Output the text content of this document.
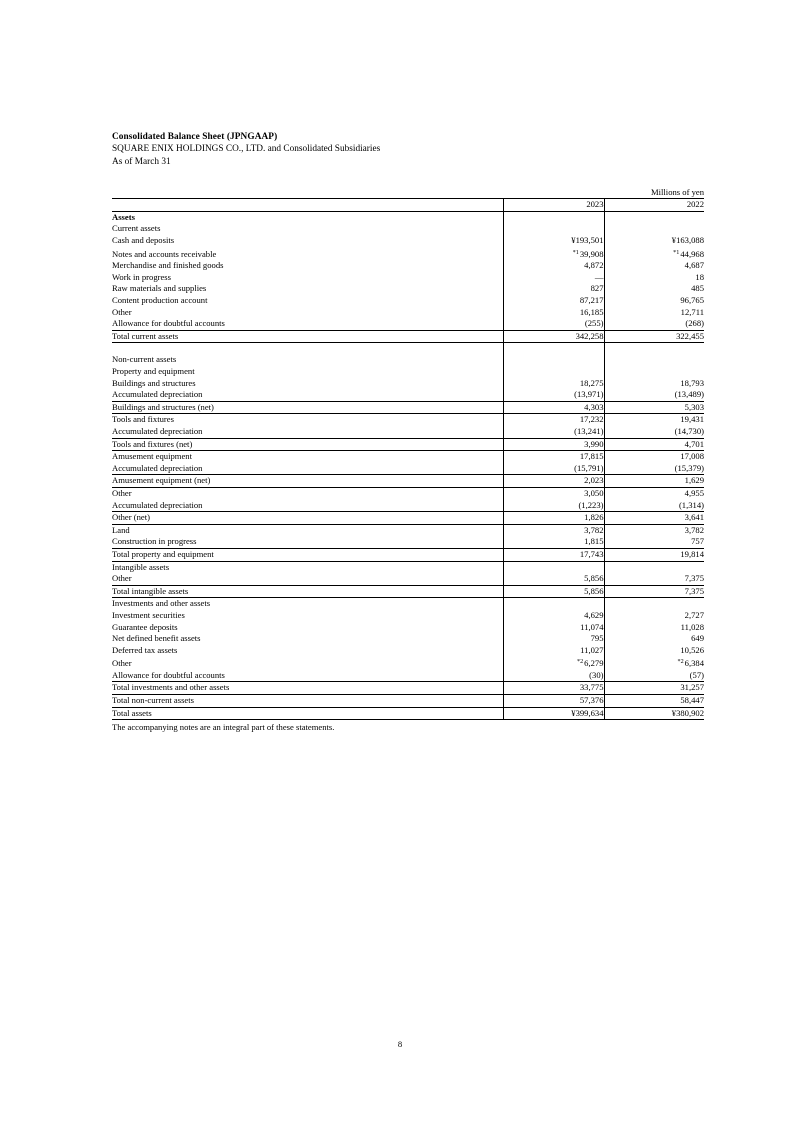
Consolidated Balance Sheet (JPNGAAP)
SQUARE ENIX HOLDINGS CO., LTD. and Consolidated Subsidiaries
As of March 31
Millions of yen
	2023	2022
Assets		
Current assets		
Cash and deposits	¥193,501	¥163,088
Notes and accounts receivable	$^{*1}$39,908	$^{*1}$44,968
Merchandise and finished goods	4,872	4,687
Work in progress	—	18
Raw materials and supplies	827	485
Content production account	87,217	96,765
Other	16,185	12,711
Allowance for doubtful accounts	(255)	(268)
Total current assets	342,258	322,455

Non-current assets		
Property and equipment		
Buildings and structures	18,275	18,793
Accumulated depreciation	(13,971)	(13,489)
Buildings and structures (net)	4,303	5,303
Tools and fixtures	17,232	19,431
Accumulated depreciation	(13,241)	(14,730)
Tools and fixtures (net)	3,990	4,701
Amusement equipment	17,815	17,008
Accumulated depreciation	(15,791)	(15,379)
Amusement equipment (net)	2,023	1,629
Other	3,050	4,955
Accumulated depreciation	(1,223)	(1,314)
Other (net)	1,826	3,641
Land	3,782	3,782
Construction in progress	1,815	757
Total property and equipment	17,743	19,814
Intangible assets		
Other	5,856	7,375
Total intangible assets	5,856	7,375
Investments and other assets		
Investment securities	4,629	2,727
Guarantee deposits	11,074	11,028
Net defined benefit assets	795	649
Deferred tax assets	11,027	10,526
Other	$^{*2}$6,279	$^{*2}$6,384
Allowance for doubtful accounts	(30)	(57)
Total investments and other assets	33,775	31,257
Total non-current assets	57,376	58,447
Total assets	¥399,634	¥380,902
The accompanying notes are an integral part of these statements.
8
